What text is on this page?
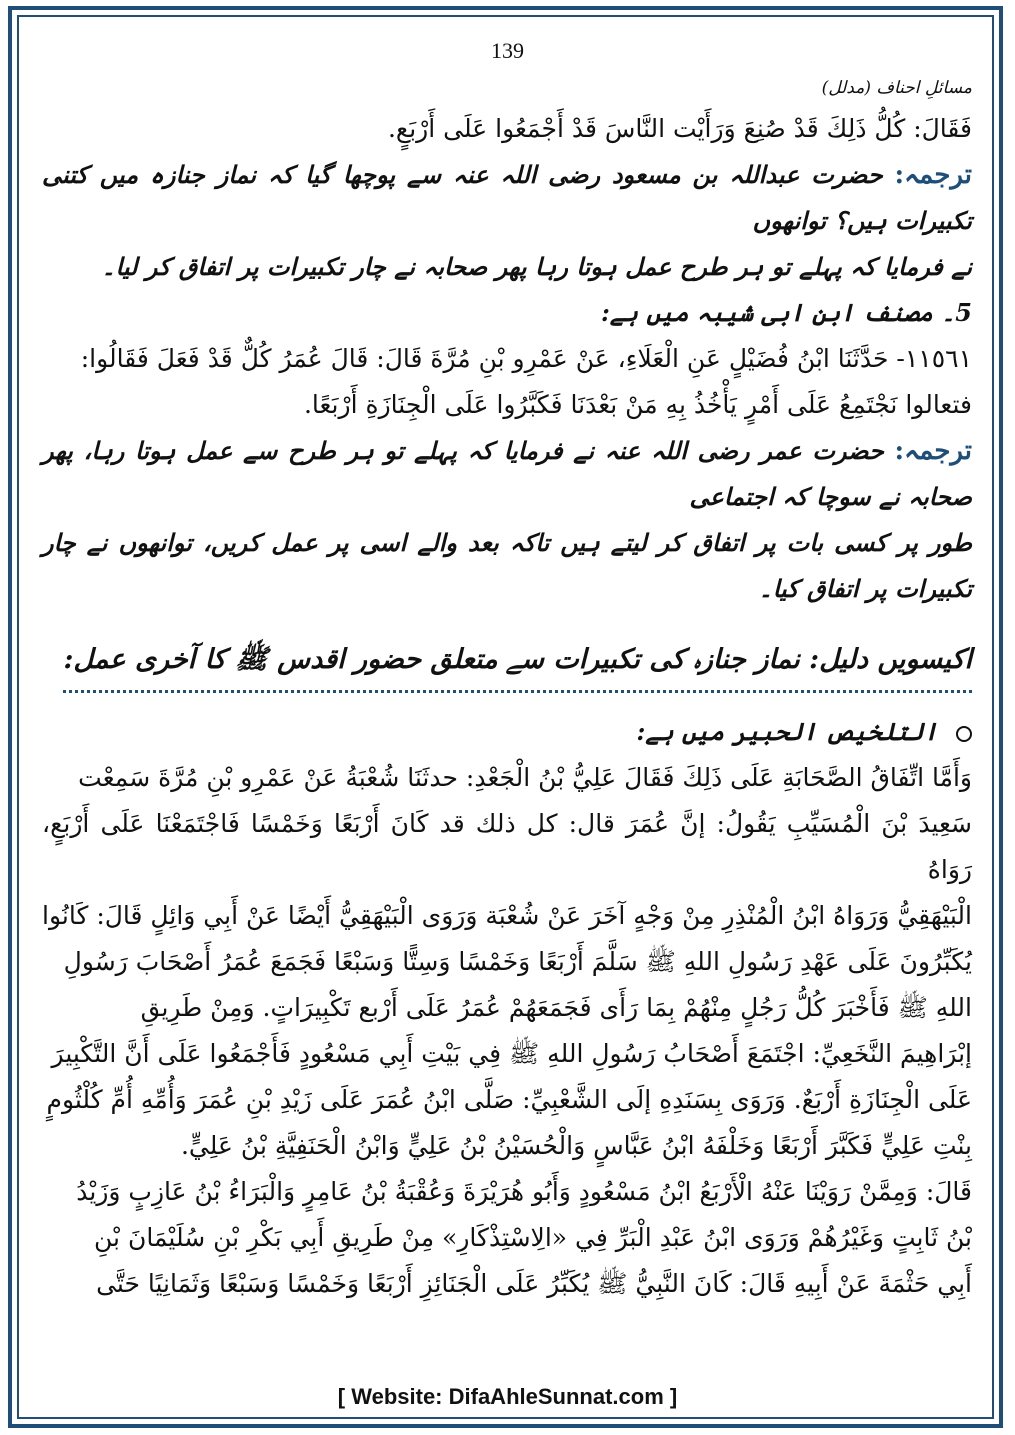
139
مسائلِ احناف (مدلل)

فَقَالَ: كُلُّ ذَلِكَ قَدْ صُنِعَ وَرَأَيْت النَّاسَ قَدْ أَجْمَعُوا عَلَى أَرْبَعٍ.

ترجمہ: حضرت عبداللہ بن مسعود رضی اللہ عنہ سے پوچھا گیا کہ نماز جنازہ میں کتنی تکبیرات ہیں؟ توانھوں

نے فرمایا کہ پہلے تو ہر طرح عمل ہوتا رہا پھر صحابہ نے چار تکبیرات پر اتفاق کر لیا۔

5۔ مصنف ابن ابی شیبہ میں ہے:

١١٥٦١- حَدَّثَنَا ابْنُ فُضَيْلٍ عَنِ الْعَلَاءِ، عَنْ عَمْرِو بْنِ مُرَّةَ قَالَ: قَالَ عُمَرُ كُلٌّ قَدْ فَعَلَ فَقَالُوا:

فتعالوا نَجْتَمِعُ عَلَى أَمْرٍ يَأْخُذُ بِهِ مَنْ بَعْدَنَا فَكَبَّرُوا عَلَى الْجِنَازَةِ أَرْبَعًا.

ترجمہ: حضرت عمر رضی اللہ عنہ نے فرمایا کہ پہلے تو ہر طرح سے عمل ہوتا رہا، پھر صحابہ نے سوچا کہ اجتماعی

طور پر کسی بات پر اتفاق کر لیتے ہیں تاکہ بعد والے اسی پر عمل کریں، توانھوں نے چار تکبیرات پر اتفاق کیا۔

اکیسویں دلیل: نماز جنازہ کی تکبیرات سے متعلق حضور اقدس ﷺ کا آخری عمل:

التلخیص الحبیر میں ہے:

وَأَمَّا اتِّفَاقُ الصَّحَابَةِ عَلَى ذَلِكَ فَقَالَ عَلِيُّ بْنُ الْجَعْدِ: حدثَنَا شُعْبَةُ عَنْ عَمْرِو بْنِ مُرَّةَ سَمِعْت

سَعِيدَ بْنَ الْمُسَيِّبِ يَقُولُ: إنَّ عُمَرَ قال: كل ذلك قد كَانَ أَرْبَعًا وَخَمْسًا فَاجْتَمَعْنَا عَلَى أَرْبَعٍ، رَوَاهُ

الْبَيْهَقِيُّ وَرَوَاهُ ابْنُ الْمُنْذِرِ مِنْ وَجْهٍ آخَرَ عَنْ شُعْبَة وَرَوَى الْبَيْهَقِيُّ أَيْضًا عَنْ أَبِي وَائِلٍ قَالَ: كَانُوا

يُكَبِّرُونَ عَلَى عَهْدِ رَسُولِ اللهِ ﷺ سَلَّمَ أَرْبَعًا وَخَمْسًا وَسِتًّا وَسَبْعًا فَجَمَعَ عُمَرُ أَصْحَابَ رَسُولِ

اللهِ ﷺ فَأَخْبَرَ كُلُّ رَجُلٍ مِنْهُمْ بِمَا رَأَى فَجَمَعَهُمْ عُمَرُ عَلَى أَرْبع تَكْبِيرَاتٍ. وَمِنْ طَرِيقِ

إبْرَاهِيمَ النَّخَعِيِّ: اجْتَمَعَ أَصْحَابُ رَسُولِ اللهِ ﷺ فِي بَيْتِ أَبِي مَسْعُودٍ فَأَجْمَعُوا عَلَى أَنَّ التَّكْبِيرَ

عَلَى الْجِنَازَةِ أَرْبَعٌ. وَرَوَى بِسَنَدِهِ إلَى الشَّعْبِيِّ: صَلَّى ابْنُ عُمَرَ عَلَى زَيْدِ بْنِ عُمَرَ وَأُمِّهِ أُمِّ كُلْثُومٍ

بِنْتِ عَلِيٍّ فَكَبَّرَ أَرْبَعًا وَخَلْفَهُ ابْنُ عَبَّاسٍ وَالْحُسَيْنُ بْنُ عَلِيٍّ وَابْنُ الْحَنَفِيَّةِ بْنُ عَلِيٍّ.

قَالَ: وَمِمَّنْ رَوَيْنَا عَنْهُ الْأَرْبَعُ ابْنُ مَسْعُودٍ وَأَبُو هُرَيْرَةَ وَعُقْبَةُ بْنُ عَامِرٍ وَالْبَرَاءُ بْنُ عَازِبٍ وَزَيْدُ

بْنُ ثَابِتٍ وَغَيْرُهُمْ وَرَوَى ابْنُ عَبْدِ الْبَرِّ فِي «الِاسْتِذْكَارِ» مِنْ طَرِيقِ أَبِي بَكْرِ بْنِ سُلَيْمَانَ بْنِ

أَبِي حَثْمَةَ عَنْ أَبِيهِ قَالَ: كَانَ النَّبِيُّ ﷺ يُكَبِّرُ عَلَى الْجَنَائِزِ أَرْبَعًا وَخَمْسًا وَسَبْعًا وَثَمَانِيًا حَتَّى

[ Website: DifaAhleSunnat.com ]
